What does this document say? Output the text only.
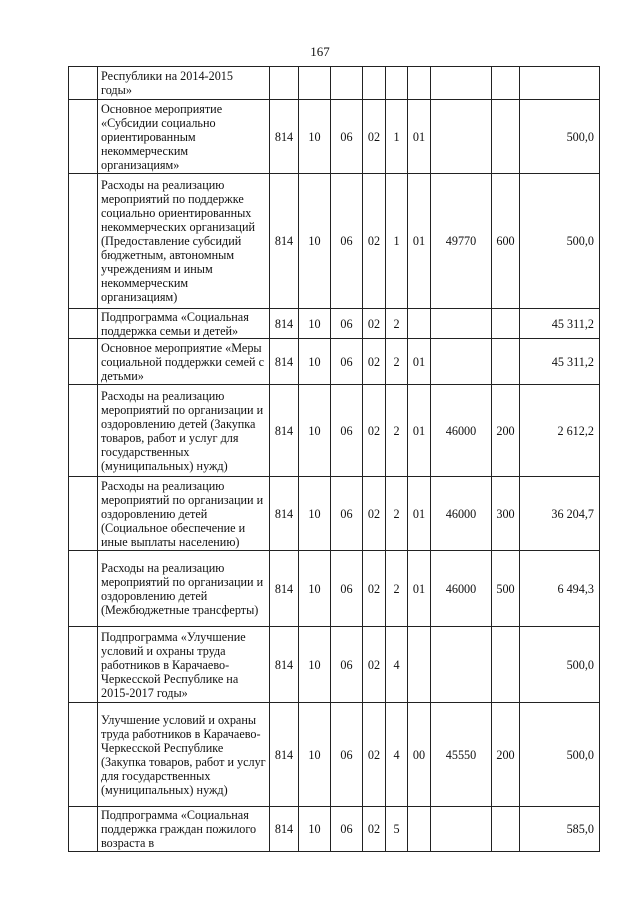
167
	Республики на 2014-2015 годы»									
	Основное мероприятие «Субсидии социально ориентированным некоммерческим организациям»	814	10	06	02	1	01			500,0
	Расходы на реализацию мероприятий по поддержке социально ориентированных некоммерческих организаций (Предоставление субсидий бюджетным, автономным учреждениям и иным некоммерческим организациям)	814	10	06	02	1	01	49770	600	500,0
	Подпрограмма «Социальная поддержка семьи и детей»	814	10	06	02	2				45 311,2
	Основное мероприятие «Меры социальной поддержки семей с детьми»	814	10	06	02	2	01			45 311,2
	Расходы на реализацию мероприятий по организации и оздоровлению детей (Закупка товаров, работ и услуг для государственных (муниципальных) нужд)	814	10	06	02	2	01	46000	200	2 612,2
	Расходы на реализацию мероприятий по организации и оздоровлению детей (Социальное обеспечение и иные выплаты населению)	814	10	06	02	2	01	46000	300	36 204,7
	Расходы на реализацию мероприятий по организации и оздоровлению детей (Межбюджетные трансферты)	814	10	06	02	2	01	46000	500	6 494,3
	Подпрограмма «Улучшение условий и охраны труда работников в Карачаево-Черкесской Республике на 2015-2017 годы»	814	10	06	02	4				500,0
	Улучшение условий и охраны труда работников в Карачаево-Черкесской Республике (Закупка товаров, работ и услуг для государственных (муниципальных) нужд)	814	10	06	02	4	00	45550	200	500,0
	Подпрограмма «Социальная поддержка граждан пожилого возраста в	814	10	06	02	5				585,0
